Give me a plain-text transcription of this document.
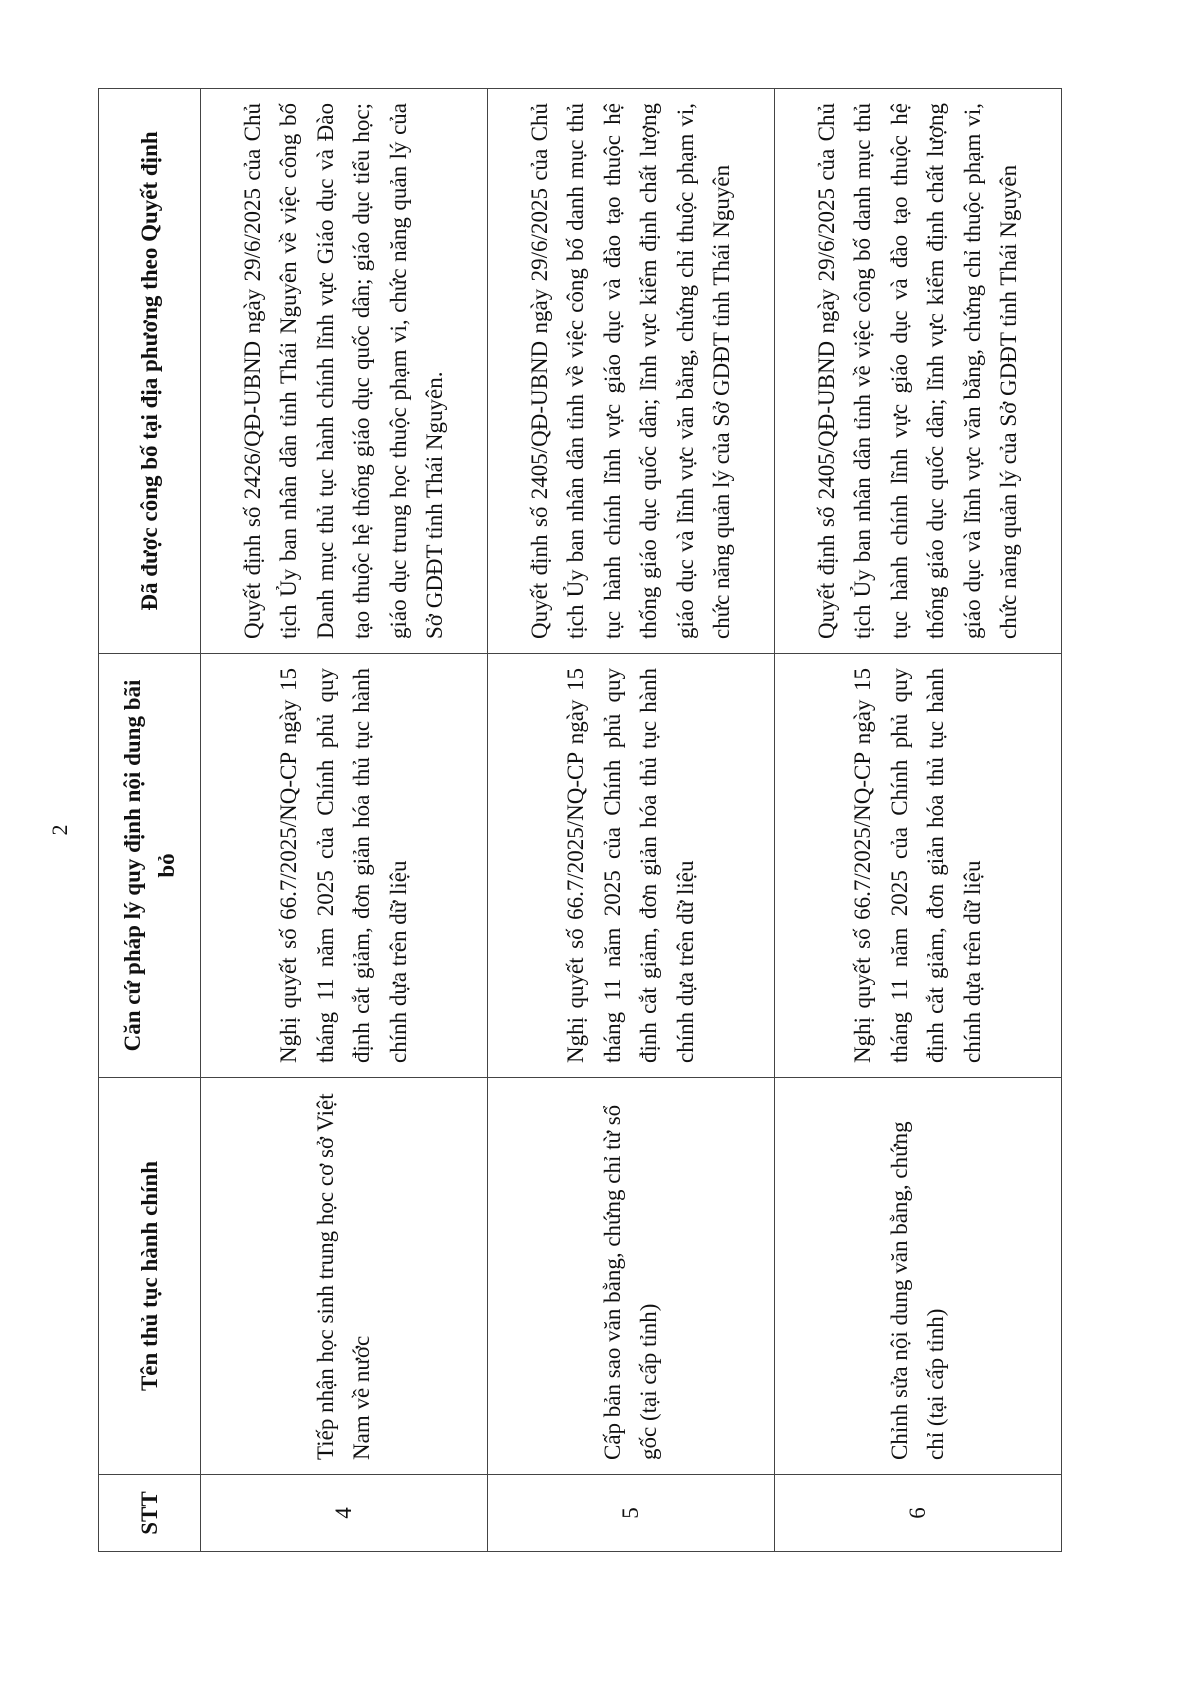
2
STT	Tên thủ tục hành chính	Căn cứ pháp lý quy định nội dung bãi bỏ	Đã được công bố tại địa phương theo Quyết định
4	Tiếp nhận học sinh trung học cơ sở Việt Nam về nước	Nghị quyết số 66.7/2025/NQ-CP ngày 15 tháng 11 năm 2025 của Chính phủ quy định cắt giảm, đơn giản hóa thủ tục hành chính dựa trên dữ liệu	Quyết định số 2426/QĐ-UBND ngày 29/6/2025 của Chủ tịch Ủy ban nhân dân tỉnh Thái Nguyên về việc công bố Danh mục thủ tục hành chính lĩnh vực Giáo dục và Đào tạo thuộc hệ thống giáo dục quốc dân; giáo dục tiểu học; giáo dục trung học thuộc phạm vi, chức năng quản lý của Sở GDĐT tỉnh Thái Nguyên.
5	Cấp bản sao văn bằng, chứng chỉ từ sổ gốc (tại cấp tỉnh)	Nghị quyết số 66.7/2025/NQ-CP ngày 15 tháng 11 năm 2025 của Chính phủ quy định cắt giảm, đơn giản hóa thủ tục hành chính dựa trên dữ liệu	Quyết định số 2405/QĐ-UBND ngày 29/6/2025 của Chủ tịch Ủy ban nhân dân tỉnh về việc công bố danh mục thủ tục hành chính lĩnh vực giáo dục và đào tạo thuộc hệ thống giáo dục quốc dân; lĩnh vực kiểm định chất lượng giáo dục và lĩnh vực văn bằng, chứng chỉ thuộc phạm vi, chức năng quản lý của Sở GDĐT tỉnh Thái Nguyên
6	Chỉnh sửa nội dung văn bằng, chứng chỉ (tại cấp tỉnh)	Nghị quyết số 66.7/2025/NQ-CP ngày 15 tháng 11 năm 2025 của Chính phủ quy định cắt giảm, đơn giản hóa thủ tục hành chính dựa trên dữ liệu	Quyết định số 2405/QĐ-UBND ngày 29/6/2025 của Chủ tịch Ủy ban nhân dân tỉnh về việc công bố danh mục thủ tục hành chính lĩnh vực giáo dục và đào tạo thuộc hệ thống giáo dục quốc dân; lĩnh vực kiểm định chất lượng giáo dục và lĩnh vực văn bằng, chứng chỉ thuộc phạm vi, chức năng quản lý của Sở GDĐT tỉnh Thái Nguyên
